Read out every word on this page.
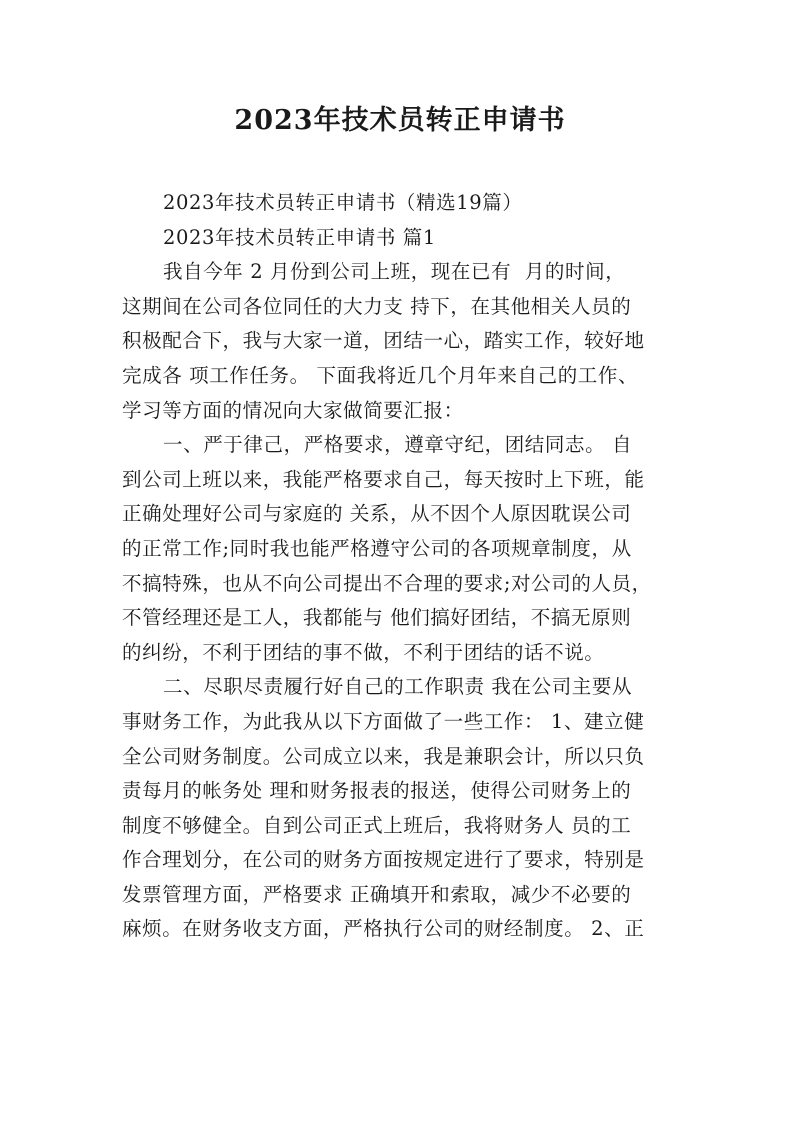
2023年技术员转正申请书
2023年技术员转正申请书（精选19篇）
2023年技术员转正申请书 篇1
我自今年 2 月份到公司上班，现在已有  月的时间，
这期间在公司各位同任的大力支 持下，在其他相关人员的
积极配合下，我与大家一道，团结一心，踏实工作，较好地
完成各 项工作任务。 下面我将近几个月年来自己的工作、
学习等方面的情况向大家做简要汇报：
一、严于律己，严格要求，遵章守纪，团结同志。 自
到公司上班以来，我能严格要求自己，每天按时上下班，能
正确处理好公司与家庭的 关系，从不因个人原因耽误公司
的正常工作;同时我也能严格遵守公司的各项规章制度，从
不搞特殊，也从不向公司提出不合理的要求;对公司的人员，
不管经理还是工人，我都能与 他们搞好团结，不搞无原则
的纠纷，不利于团结的事不做，不利于团结的话不说。
二、尽职尽责履行好自己的工作职责 我在公司主要从
事财务工作，为此我从以下方面做了一些工作： 1、建立健
全公司财务制度。公司成立以来，我是兼职会计，所以只负
责每月的帐务处 理和财务报表的报送，使得公司财务上的
制度不够健全。自到公司正式上班后，我将财务人 员的工
作合理划分，在公司的财务方面按规定进行了要求，特别是
发票管理方面，严格要求 正确填开和索取，减少不必要的
麻烦。在财务收支方面，严格执行公司的财经制度。 2、正
